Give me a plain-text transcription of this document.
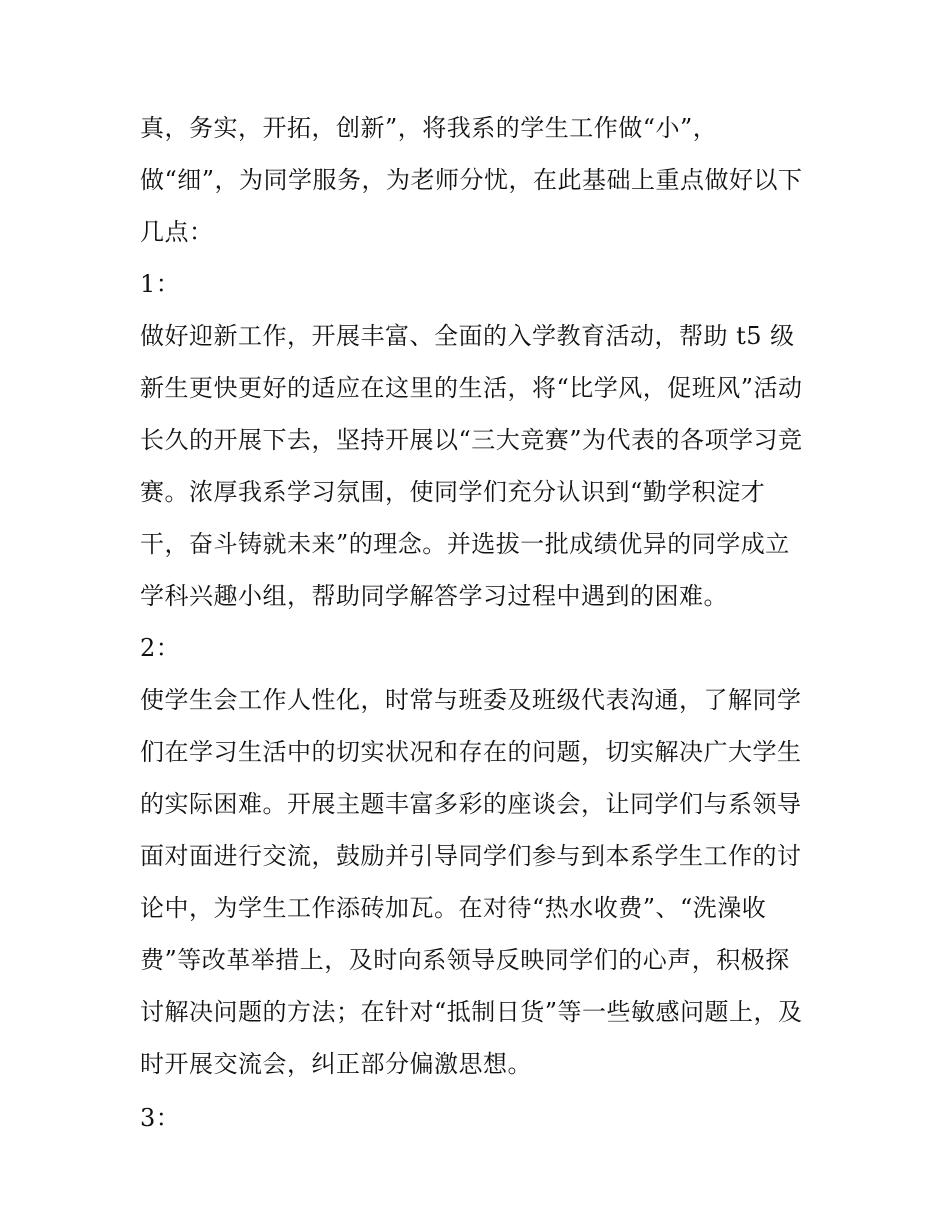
真，务实，开拓，创新”，将我系的学生工作做“小”，
做“细”，为同学服务，为老师分忧，在此基础上重点做好以下
几点：
1：
做好迎新工作，开展丰富、全面的入学教育活动，帮助 t5 级
新生更快更好的适应在这里的生活，将“比学风，促班风”活动
长久的开展下去，坚持开展以“三大竞赛”为代表的各项学习竞
赛。浓厚我系学习氛围，使同学们充分认识到“勤学积淀才
干，奋斗铸就未来”的理念。并选拔一批成绩优异的同学成立
学科兴趣小组，帮助同学解答学习过程中遇到的困难。
2：
使学生会工作人性化，时常与班委及班级代表沟通，了解同学
们在学习生活中的切实状况和存在的问题，切实解决广大学生
的实际困难。开展主题丰富多彩的座谈会，让同学们与系领导
面对面进行交流，鼓励并引导同学们参与到本系学生工作的讨
论中，为学生工作添砖加瓦。在对待“热水收费”、“洗澡收
费”等改革举措上，及时向系领导反映同学们的心声，积极探
讨解决问题的方法；在针对“抵制日货”等一些敏感问题上，及
时开展交流会，纠正部分偏激思想。
3：
